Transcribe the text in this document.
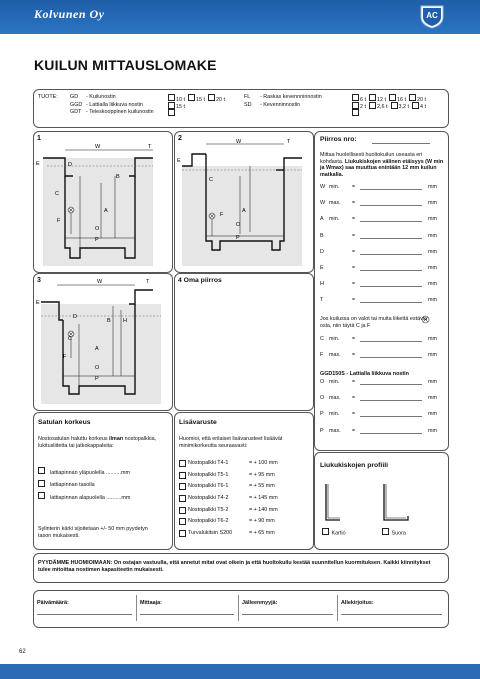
Kolvunen Oy	AC
KUILUN MITTAUSLOMAKE
TUOTE: GD - Kuilunostin	10 t 15 t 20 t	FL - Raskas kevennninnostin	6 t 12 t 16 t 20 t
GGD - Lattialla liikkuva nostin	15 t	SD - Kevenninnostin	2 t 2,6 t 3,2 t 4 t
GDT - Teleskooppinen kuilunostin
1
W	T
E	D
B
C
A
F
O
P
2	W	T
E
C
A
F
O
P
3	W	T
E
D
B H
C
A
F
O
P
4 Oma piirros
Piirros nro:
Mittaa huolellisesti huoltokuilun useasta eri kohdasta. Liukukiskojen välinen etäisyys (W min ja Wmax) saa muuttua enintään 12 mm kuilun matkalla.
W min. =	mm
W max. =	mm
A min. =	mm
B	=	mm
D	=	mm
E	=	mm
H	=	mm
T	=	mm
Jos kuilussa on valot tai muita liikettä estäviä osia, niin täytä C ja F
C min. =	mm
F max. =	mm
GGD150S - Lattialla liikkuva nostin
O min. =	mm
O max. =	mm
P min. =	mm
P max. =	mm
Satulan korkeus
Nostosatulan haluttu korkeus ilman nostopalkkia, lukitusliitetta tai jatkokappaleita:
lattiapinnan yläpuolella ..........mm
lattiapinnan tasolla
lattiapinnan alapuolella ..........mm
Sylinterin kärki sijoitetaan +/- 50 mm pyydetyn tason mukaisesti.
Lisävaruste
Huomioi, että erilaiset lisävarusteet lisäävät minimikorkeutta seuraavasti:
Nostopalkki T4-1	= + 100 mm
Nostopalkki T5-1	= + 95 mm
Nostopalkki T6-1	= + 55 mm
Nostopalkki T4-2	= + 145 mm
Nostopalkki T5-2	= + 140 mm
Nostopalkki T6-2	= + 90 mm
Turvalukitsin S200	= + 65 mm
Liukukiskojen profiili
Kartio	Suora
PYYDÄMME HUOMIOIMAAN: On ostajan vastuulla, että annetut mitat ovat oikein ja että huoltokuilu kestää suunnitellun kuormituksen. Kaikki kiinnitykset tulee mitoittaa nostimen kapasiteetin mukaisesti.
Päivämäärä:	Mittaaja:	Jälleenmyyjä:	Allekirjoitus:
62
